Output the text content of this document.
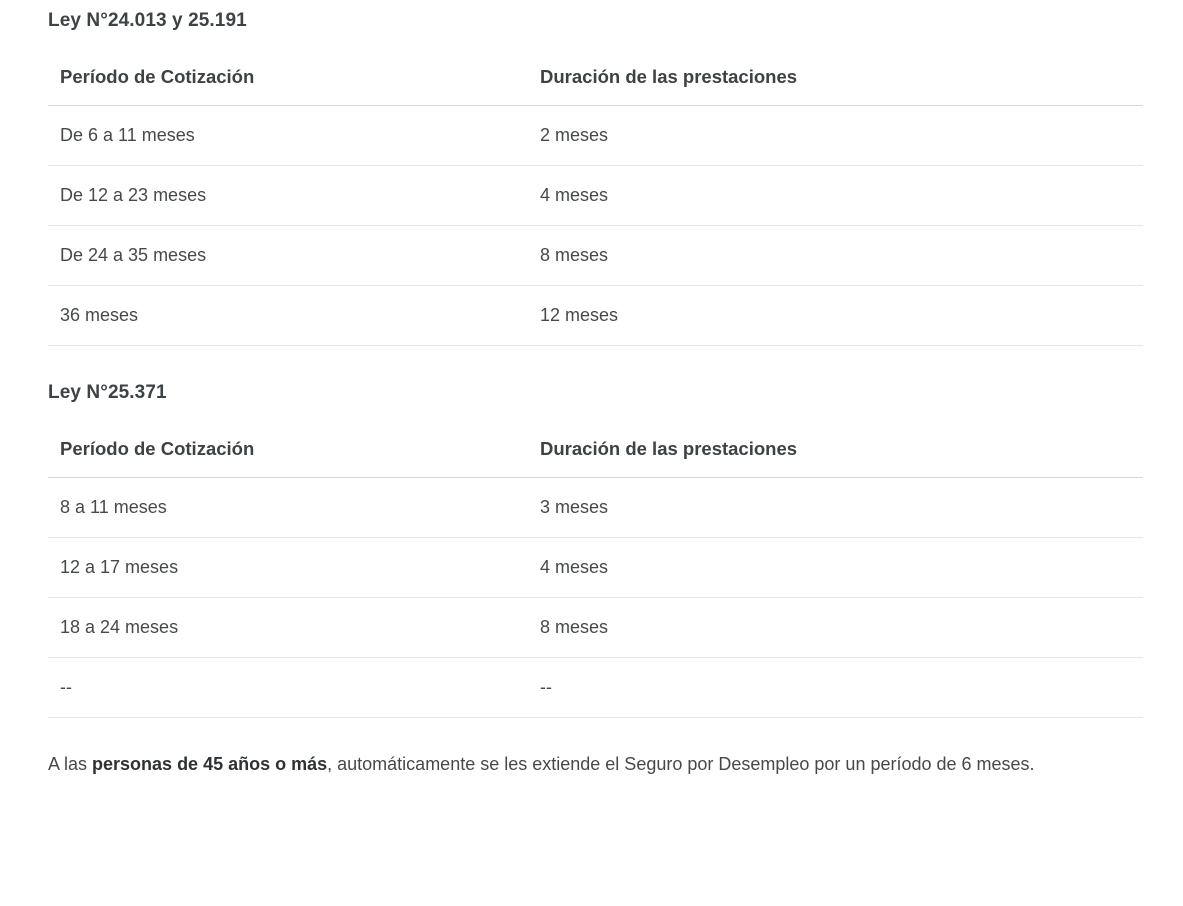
Ley N°24.013 y 25.191
Período de Cotización	Duración de las prestaciones
De 6 a 11 meses	2 meses
De 12 a 23 meses	4 meses
De 24 a 35 meses	8 meses
36 meses	12 meses
Ley N°25.371
Período de Cotización	Duración de las prestaciones
8 a 11 meses	3 meses
12 a 17 meses	4 meses
18 a 24 meses	8 meses
--	--

A las personas de 45 años o más, automáticamente se les extiende el Seguro por Desempleo por un período de 6 meses.
